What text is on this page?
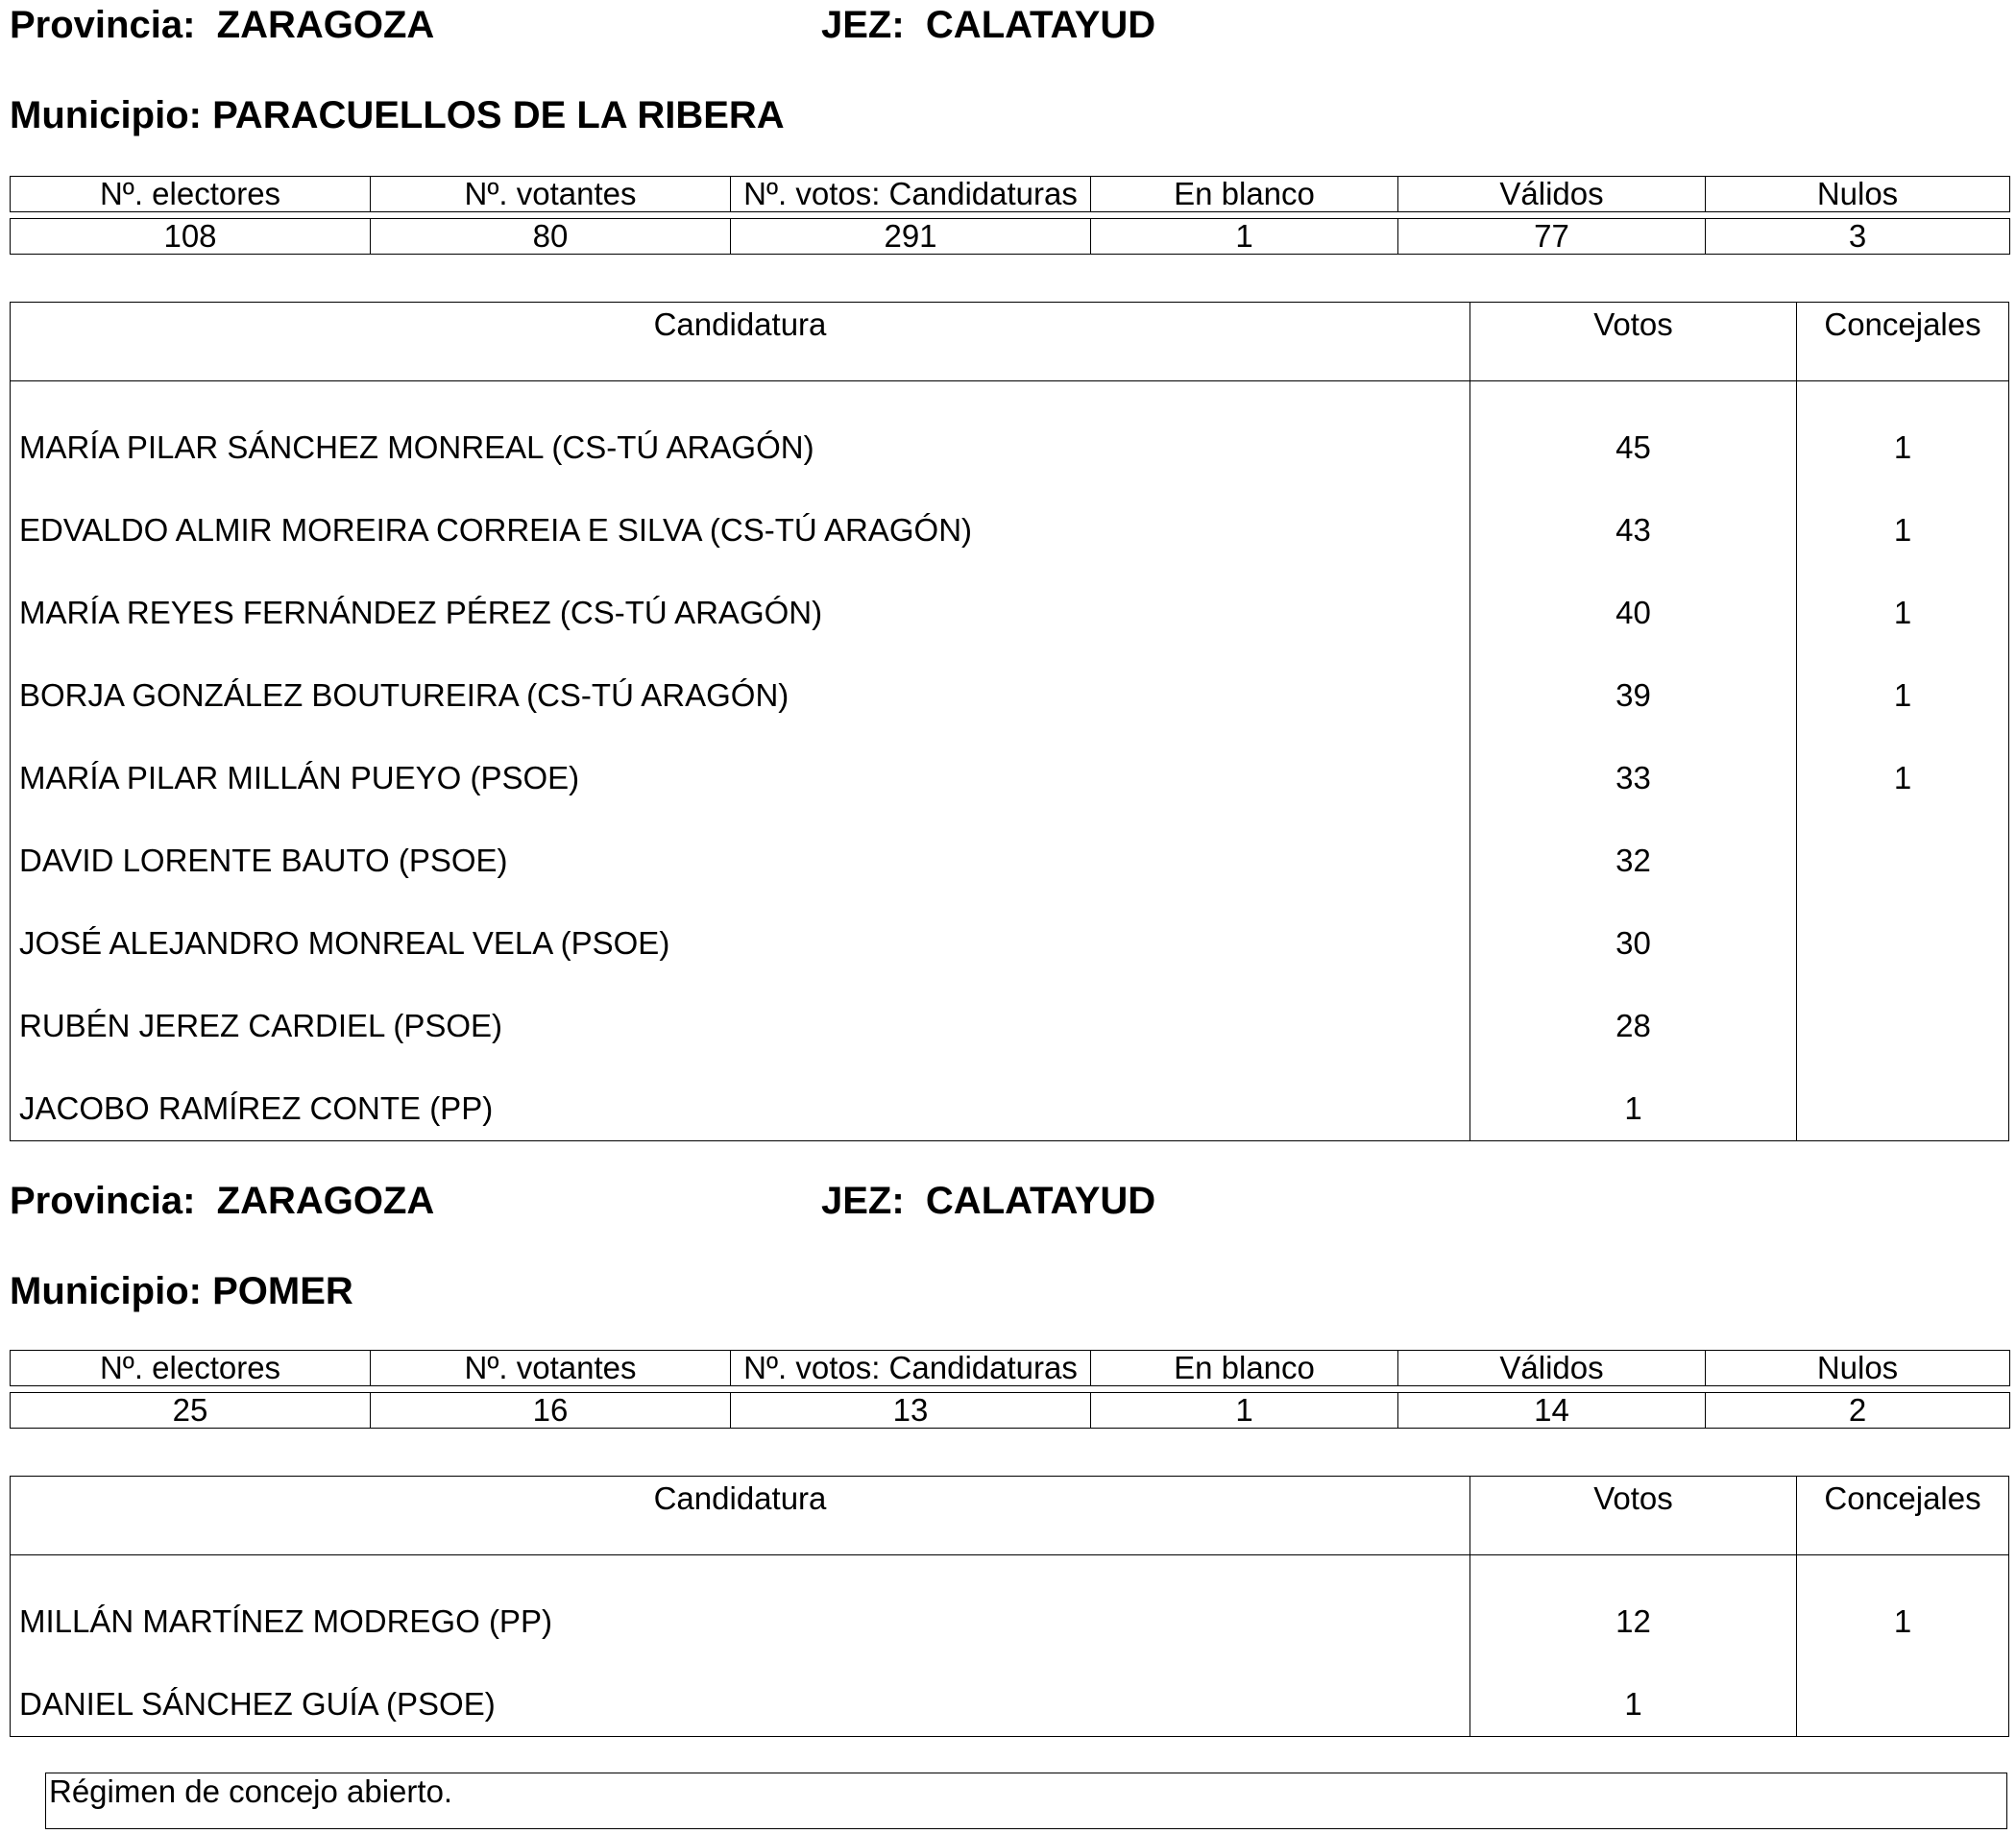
Provincia: ZARAGOZA	JEZ: CALATAYUD
Municipio: PARACUELLOS DE LA RIBERA
Nº. electores	Nº. votantes	Nº. votos: Candidaturas	En blanco	Válidos	Nulos

108	80	291	1	77	3
Candidatura	Votos	Concejales
MARÍA PILAR SÁNCHEZ MONREAL (CS-TÚ ARAGÓN)	45	1
EDVALDO ALMIR MOREIRA CORREIA E SILVA (CS-TÚ ARAGÓN)	43	1
MARÍA REYES FERNÁNDEZ PÉREZ (CS-TÚ ARAGÓN)	40	1
BORJA GONZÁLEZ BOUTUREIRA (CS-TÚ ARAGÓN)	39	1
MARÍA PILAR MILLÁN PUEYO (PSOE)	33	1
DAVID LORENTE BAUTO (PSOE)	32
JOSÉ ALEJANDRO MONREAL VELA (PSOE)	30
RUBÉN JEREZ CARDIEL (PSOE)	28
JACOBO RAMÍREZ CONTE (PP)	1
Provincia: ZARAGOZA	JEZ: CALATAYUD
Municipio: POMER
Nº. electores	Nº. votantes	Nº. votos: Candidaturas	En blanco	Válidos	Nulos

25	16	13	1	14	2
Candidatura	Votos	Concejales
MILLÁN MARTÍNEZ MODREGO (PP)	12	1
DANIEL SÁNCHEZ GUÍA (PSOE)	1
Régimen de concejo abierto.
